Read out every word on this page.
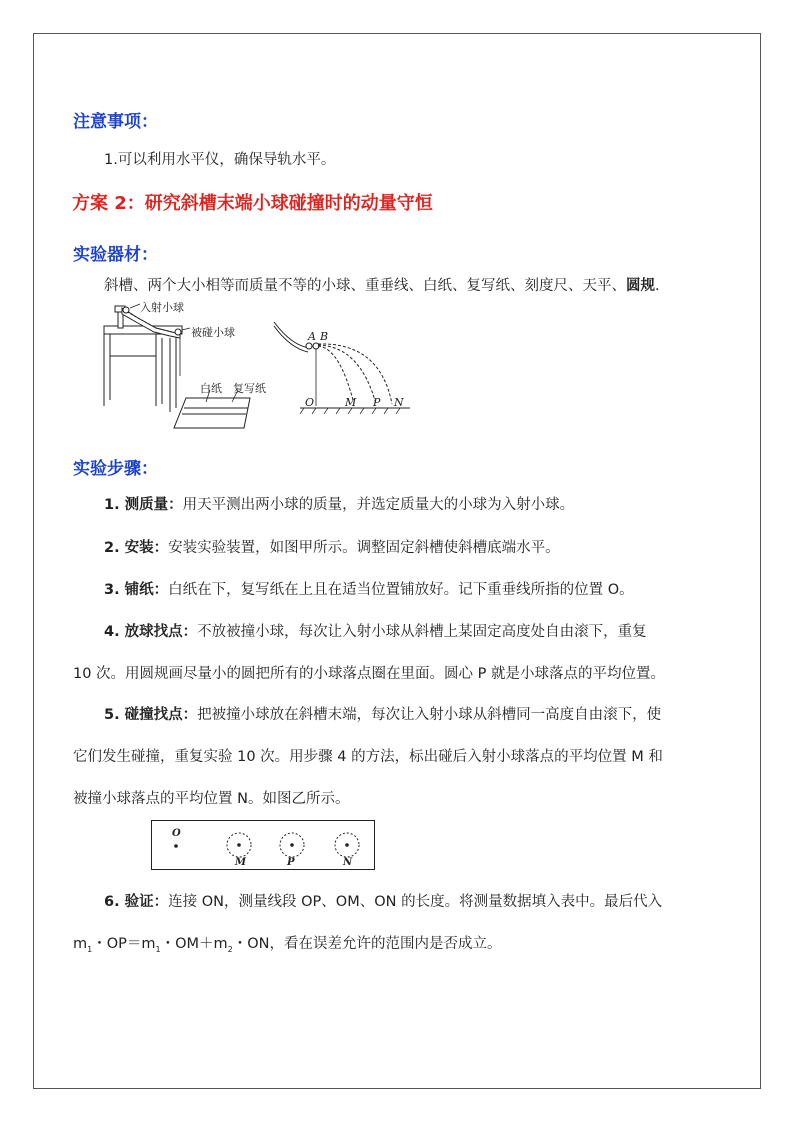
注意事项：
1.可以利用水平仪，确保导轨水平。
方案 2：研究斜槽末端小球碰撞时的动量守恒
实验器材：
斜槽、两个大小相等而质量不等的小球、重垂线、白纸、复写纸、刻度尺、天平、圆规.
入射小球
被碰小球
白纸 复写纸
A B
O	M P N
实验步骤：
1. 测质量：用天平测出两小球的质量，并选定质量大的小球为入射小球。
2. 安装：安装实验装置，如图甲所示。调整固定斜槽使斜槽底端水平。
3. 铺纸：白纸在下，复写纸在上且在适当位置铺放好。记下重垂线所指的位置 O。
4. 放球找点：不放被撞小球，每次让入射小球从斜槽上某固定高度处自由滚下，重复
10 次。用圆规画尽量小的圆把所有的小球落点圈在里面。圆心 P 就是小球落点的平均位置。
5. 碰撞找点：把被撞小球放在斜槽末端，每次让入射小球从斜槽同一高度自由滚下，使
它们发生碰撞，重复实验 10 次。用步骤 4 的方法，标出碰后入射小球落点的平均位置 M 和
被撞小球落点的平均位置 N。如图乙所示。
O
M	P	N
6. 验证：连接 ON，测量线段 OP、OM、ON 的长度。将测量数据填入表中。最后代入
$m_1$・$OP=m_1$・$OM+m_2$・ON，看在误差允许的范围内是否成立。
